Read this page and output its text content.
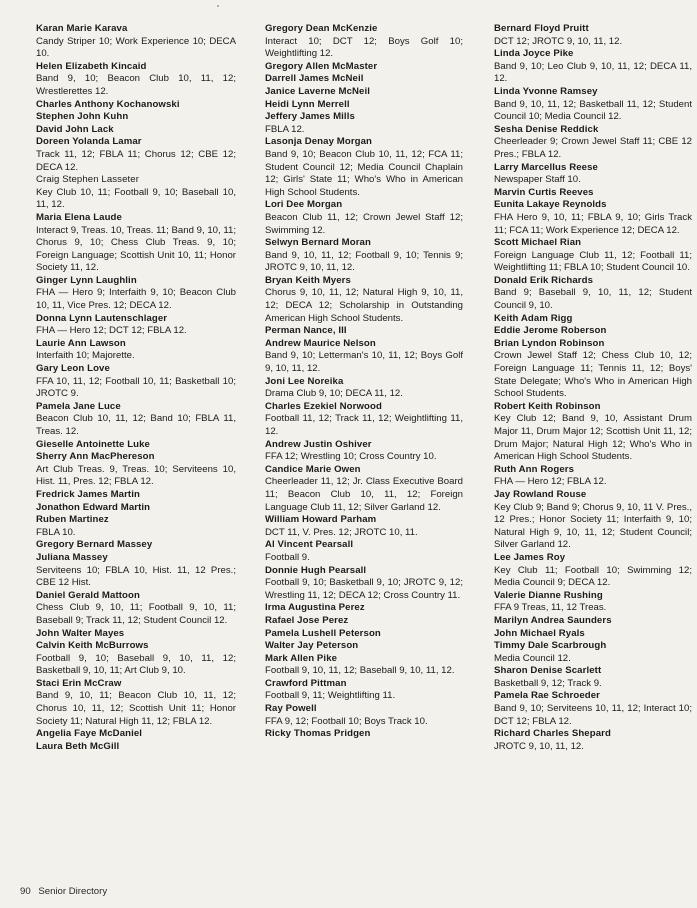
Karan Marie Karava
Candy Striper 10; Work Experience 10; DECA 10.
Helen Elizabeth Kincaid
Band 9, 10; Beacon Club 10, 11, 12; Wrestlerettes 12.
Charles Anthony Kochanowski
Stephen John Kuhn
David John Lack
Doreen Yolanda Lamar
Track 11, 12; FBLA 11; Chorus 12; CBE 12; DECA 12.
Craig Stephen Lasseter
Key Club 10, 11; Football 9, 10; Baseball 10, 11, 12.
Maria Elena Laude
Interact 9, Treas. 10, Treas. 11; Band 9, 10, 11; Chorus 9, 10; Chess Club Treas. 9, 10; Foreign Language; Scottish Unit 10, 11; Honor Society 11, 12.
Ginger Lynn Laughlin
FHA — Hero 9; Interfaith 9, 10; Beacon Club 10, 11, Vice Pres. 12; DECA 12.
Donna Lynn Lautenschlager
FHA — Hero 12; DCT 12; FBLA 12.
Laurie Ann Lawson
Interfaith 10; Majorette.
Gary Leon Love
FFA 10, 11, 12; Football 10, 11; Basketball 10; JROTC 9.
Pamela Jane Luce
Beacon Club 10, 11, 12; Band 10; FBLA 11, Treas. 12.
Gieselle Antoinette Luke
Sherry Ann MacPhereson
Art Club Treas. 9, Treas. 10; Serviteens 10, Hist. 11, Pres. 12; FBLA 12.
Fredrick James Martin
Jonathon Edward Martin
Ruben Martinez
FBLA 10.
Gregory Bernard Massey
Juliana Massey
Serviteens 10; FBLA 10, Hist. 11, 12 Pres.; CBE 12 Hist.
Daniel Gerald Mattoon
Chess Club 9, 10, 11; Football 9, 10, 11; Baseball 9; Track 11, 12; Student Council 12.
John Walter Mayes
Calvin Keith McBurrows
Football 9, 10; Baseball 9, 10, 11, 12; Basketball 9, 10, 11; Art Club 9, 10.
Staci Erin McCraw
Band 9, 10, 11; Beacon Club 10, 11, 12; Chorus 10, 11, 12; Scottish Unit 11; Honor Society 11; Natural High 11, 12; FBLA 12.
Angelia Faye McDaniel
Laura Beth McGill
Gregory Dean McKenzie
Interact 10; DCT 12; Boys Golf 10; Weightlifting 12.
Gregory Allen McMaster
Darrell James McNeil
Janice Laverne McNeil
Heidi Lynn Merrell
Jeffery James Mills
FBLA 12.
Lasonja Denay Morgan
Band 9, 10; Beacon Club 10, 11, 12; FCA 11; Student Council 12; Media Council Chaplain 12; Girls' State 11; Who's Who in American High School Students.
Lori Dee Morgan
Beacon Club 11, 12; Crown Jewel Staff 12; Swimming 12.
Selwyn Bernard Moran
Band 9, 10, 11, 12; Football 9, 10; Tennis 9; JROTC 9, 10, 11, 12.
Bryan Keith Myers
Chorus 9, 10, 11, 12; Natural High 9, 10, 11, 12; DECA 12; Scholarship in Outstanding American High School Students.
Perman Nance, III
Andrew Maurice Nelson
Band 9, 10; Letterman's 10, 11, 12; Boys Golf 9, 10, 11, 12.
Joni Lee Noreika
Drama Club 9, 10; DECA 11, 12.
Charles Ezekiel Norwood
Football 11, 12; Track 11, 12; Weightlifting 11, 12.
Andrew Justin Oshiver
FFA 12; Wrestling 10; Cross Country 10.
Candice Marie Owen
Cheerleader 11, 12; Jr. Class Executive Board 11; Beacon Club 10, 11, 12; Foreign Language Club 11, 12; Silver Garland 12.
William Howard Parham
DCT 11, V. Pres. 12; JROTC 10, 11.
Al Vincent Pearsall
Football 9.
Donnie Hugh Pearsall
Football 9, 10; Basketball 9, 10; JROTC 9, 12; Wrestling 11, 12; DECA 12; Cross Country 11.
Irma Augustina Perez
Rafael Jose Perez
Pamela Lushell Peterson
Walter Jay Peterson
Mark Allen Pike
Football 9, 10, 11, 12; Baseball 9, 10, 11, 12.
Crawford Pittman
Football 9, 11; Weightlifting 11.
Ray Powell
FFA 9, 12; Football 10; Boys Track 10.
Ricky Thomas Pridgen
Bernard Floyd Pruitt
DCT 12; JROTC 9, 10, 11, 12.
Linda Joyce Pike
Band 9, 10; Leo Club 9, 10, 11, 12; DECA 11, 12.
Linda Yvonne Ramsey
Band 9, 10, 11, 12; Basketball 11, 12; Student Council 10; Media Council 12.
Sesha Denise Reddick
Cheerleader 9; Crown Jewel Staff 11; CBE 12 Pres.; FBLA 12.
Larry Marcellus Reese
Newspaper Staff 10.
Marvin Curtis Reeves
Eunita Lakaye Reynolds
FHA Hero 9, 10, 11; FBLA 9, 10; Girls Track 11; FCA 11; Work Experience 12; DECA 12.
Scott Michael Rian
Foreign Language Club 11, 12; Football 11; Weightlifting 11; FBLA 10; Student Council 10.
Donald Erik Richards
Band 9; Baseball 9, 10, 11, 12; Student Council 9, 10.
Keith Adam Rigg
Eddie Jerome Roberson
Brian Lyndon Robinson
Crown Jewel Staff 12; Chess Club 10, 12; Foreign Language 11; Tennis 11, 12; Boys' State Delegate; Who's Who in American High School Students.
Robert Keith Robinson
Key Club 12; Band 9, 10, Assistant Drum Major 11, Drum Major 12; Scottish Unit 11, 12; Drum Major; Natural High 12; Who's Who in American High School Students.
Ruth Ann Rogers
FHA — Hero 12; FBLA 12.
Jay Rowland Rouse
Key Club 9; Band 9; Chorus 9, 10, 11 V. Pres., 12 Pres.; Honor Society 11; Interfaith 9, 10; Natural High 9, 10, 11, 12; Student Council; Silver Garland 12.
Lee James Roy
Key Club 11; Football 10; Swimming 12; Media Council 9; DECA 12.
Valerie Dianne Rushing
FFA 9 Treas, 11, 12 Treas.
Marilyn Andrea Saunders
John Michael Ryals
Timmy Dale Scarbrough
Media Council 12.
Sharon Denise Scarlett
Basketball 9, 12; Track 9.
Pamela Rae Schroeder
Band 9, 10; Serviteens 10, 11, 12; Interact 10; DCT 12; FBLA 12.
Richard Charles Shepard
JROTC 9, 10, 11, 12.
90 Senior Directory
